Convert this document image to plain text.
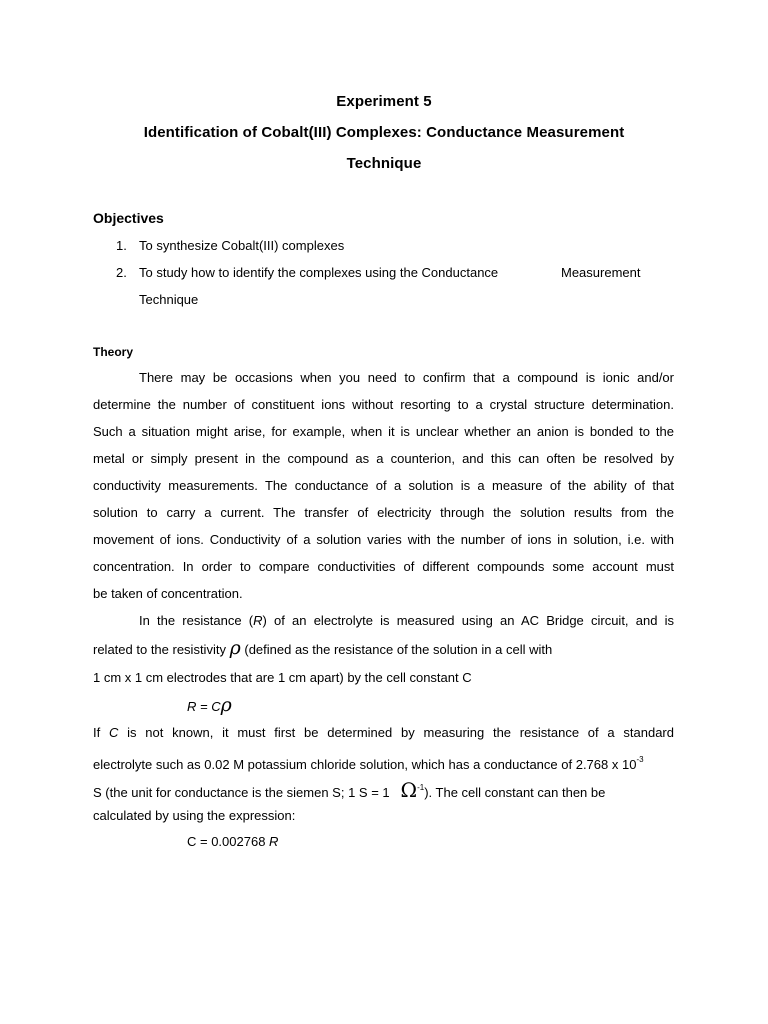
Experiment 5
Identification of Cobalt(III) Complexes: Conductance Measurement
Technique
Objectives
1. To synthesize Cobalt(III) complexes
2. To study how to identify the complexes using the Conductance	Measurement
Technique
Theory
There may be occasions when you need to confirm that a compound is ionic and/or
determine the number of constituent ions without resorting to a crystal structure determination.
Such a situation might arise, for example, when it is unclear whether an anion is bonded to the
metal or simply present in the compound as a counterion, and this can often be resolved by
conductivity measurements. The conductance of a solution is a measure of the ability of that
solution to carry a current. The transfer of electricity through the solution results from the
movement of ions. Conductivity of a solution varies with the number of ions in solution, i.e. with
concentration. In order to compare conductivities of different compounds some account must
be taken of concentration.
In the resistance (R) of an electrolyte is measured using an AC Bridge circuit, and is
related to the resistivity ρ (defined as the resistance of the solution in a cell with
1 cm x 1 cm electrodes that are 1 cm apart) by the cell constant C
R = Cρ
If C is not known, it must first be determined by measuring the resistance of a standard
electrolyte such as 0.02 M potassium chloride solution, which has a conductance of 2.768 x $10^{-3}$
S (the unit for conductance is the siemen S; 1 S = 1 $\Omega^{-1}$). The cell constant can then be
calculated by using the expression:
C = 0.002768 R
